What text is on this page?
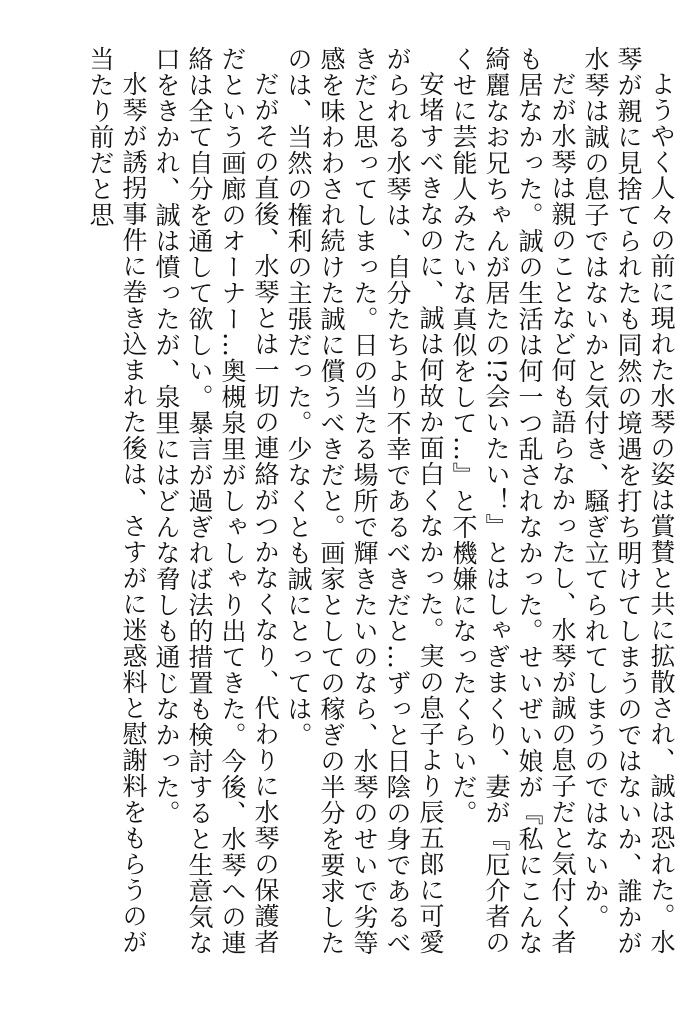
ようやく人々の前に現れた水琴の姿は賞賛と共に拡散され、誠は恐れた。水琴が親に見捨てられたも同然の境遇を打ち明けてしまうのではないか、誰かが水琴は誠の息子ではないかと気付き、騒ぎ立てられてしまうのではないか。

だが水琴は親のことなど何も語らなかったし、水琴が誠の息子だと気付く者も居なかった。誠の生活は何一つ乱されなかった。せいぜい娘が『私にこんな綺麗なお兄ちゃんが居たの!?会いたい！』とはしゃぎまくり、妻が『厄介者のくせに芸能人みたいな真似をして…』と不機嫌になったくらいだ。

安堵すべきなのに、誠は何故か面白くなかった。実の息子より辰五郎に可愛がられる水琴は、自分たちより不幸であるべきだと…ずっと日陰の身であるべきだと思ってしまった。日の当たる場所で輝きたいのなら、水琴のせいで劣等感を味わわされ続けた誠に償うべきだと。画家としての稼ぎの半分を要求したのは、当然の権利の主張だった。少なくとも誠にとっては。

だがその直後、水琴とは一切の連絡がつかなくなり、代わりに水琴の保護者だという画廊のオーナー…奥槻泉里がしゃしゃり出てきた。今後、水琴への連絡は全て自分を通して欲しい。暴言が過ぎれば法的措置も検討すると生意気な口をきかれ、誠は憤ったが、泉里にはどんな脅しも通じなかった。

水琴が誘拐事件に巻き込まれた後は、さすがに迷惑料と慰謝料をもらうのが当たり前だと思
